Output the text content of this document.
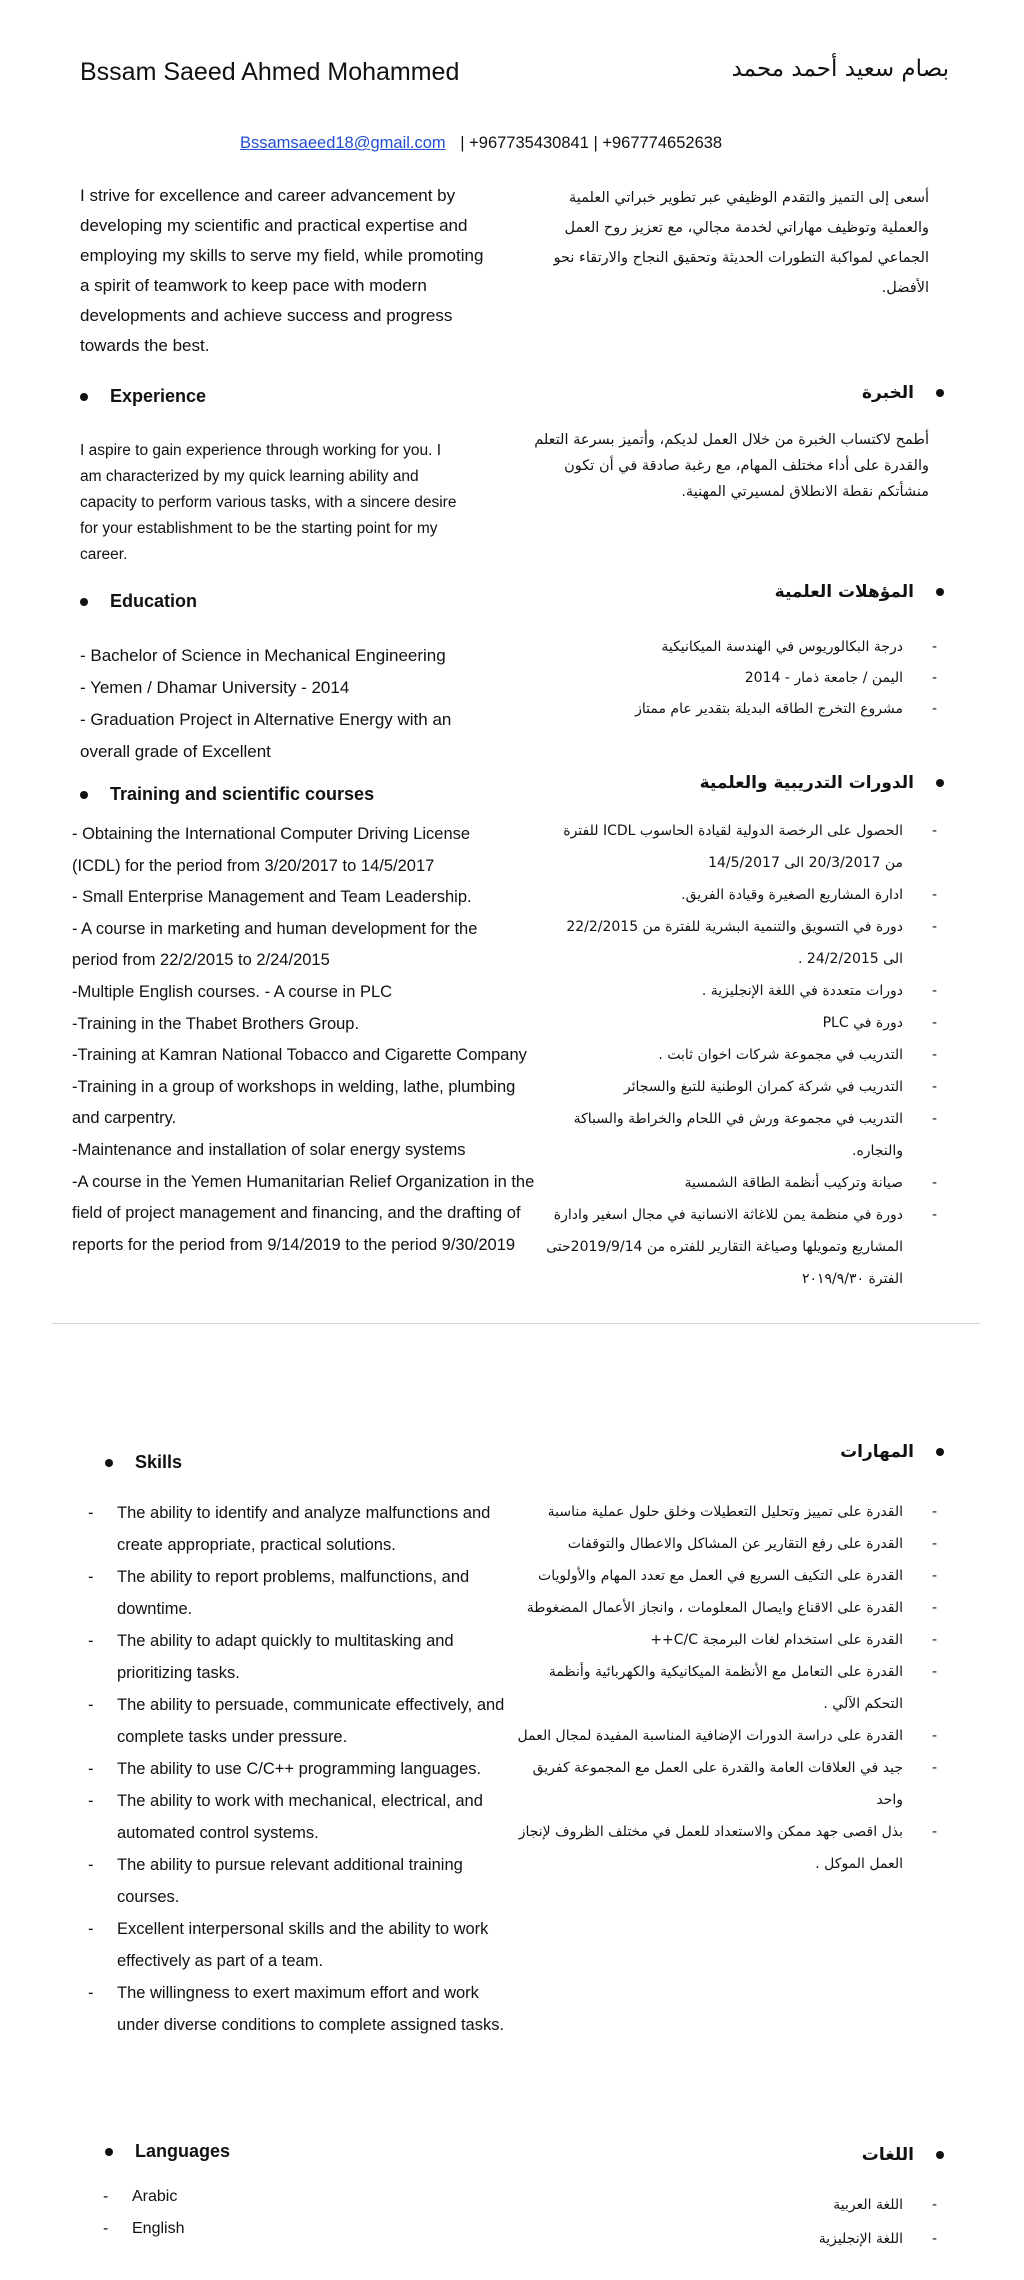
Bssam Saeed Ahmed Mohammed	بصام سعيد أحمد محمد
Bssamsaeed18@gmail.com | +967735430841 | +967774652638
I strive for excellence and career advancement by developing my scientific and practical expertise and employing my skills to serve my field, while promoting a spirit of teamwork to keep pace with modern developments and achieve success and progress towards the best.
أسعى إلى التميز والتقدم الوظيفي عبر تطوير خبراتي العلمية والعملية وتوظيف مهاراتي لخدمة مجالي، مع تعزيز روح العمل الجماعي لمواكبة التطورات الحديثة وتحقيق النجاح والارتقاء نحو الأفضل.
Experience	الخبرة
I aspire to gain experience through working for you. I am characterized by my quick learning ability and capacity to perform various tasks, with a sincere desire for your establishment to be the starting point for my career.
أطمح لاكتساب الخبرة من خلال العمل لديكم، وأتميز بسرعة التعلم والقدرة على أداء مختلف المهام، مع رغبة صادقة في أن تكون منشأتكم نقطة الانطلاق لمسيرتي المهنية.
Education	المؤهلات العلمية
- Bachelor of Science in Mechanical Engineering
- Yemen / Dhamar University - 2014
- Graduation Project in Alternative Energy with an
overall grade of Excellent
- درجة البكالوريوس في الهندسة الميكانيكية
- اليمن / جامعة ذمار - 2014
- مشروع التخرج الطاقه البديلة بتقدير عام ممتاز
Training and scientific courses
الدورات التدريبية والعلمية
- Obtaining the International Computer Driving License
(ICDL) for the period from 3/20/2017 to 14/5/2017
- Small Enterprise Management and Team Leadership.
- A course in marketing and human development for the
period from 22/2/2015 to 2/24/2015
-Multiple English courses. - A course in PLC
-Training in the Thabet Brothers Group.
-Training at Kamran National Tobacco and Cigarette Company
-Training in a group of workshops in welding, lathe, plumbing
and carpentry.
-Maintenance and installation of solar energy systems
-A course in the Yemen Humanitarian Relief Organization in the
field of project management and financing, and the drafting of
reports for the period from 9/14/2019 to the period 9/30/2019
- الحصول على الرخصة الدولية لقيادة الحاسوب ICDL للفترة من 20/3/2017 الى 14/5/2017
- ادارة المشاريع الصغيرة وقيادة الفريق.
- دورة في التسويق والتنمية البشرية للفترة من 22/2/2015 الى 24/2/2015 .
- دورات متعددة في اللغة الإنجليزية .
- دورة في PLC
- التدريب في مجموعة شركات اخوان ثابت .
- التدريب في شركة كمران الوطنية للتبغ والسجائر
- التدريب في مجموعة ورش في اللحام والخراطة والسباكة والنجاره.
- صيانة وتركيب أنظمة الطاقة الشمسية
- دورة في منظمة يمن للاغاثة الانسانية في مجال اسغير وادارة المشاريع وتمويلها وصياغة التقارير للفتره من 2019/9/14حتى الفترة ٢٠١٩/٩/٣٠
Skills	المهارات
- The ability to identify and analyze malfunctions and create appropriate, practical solutions.
- The ability to report problems, malfunctions, and downtime.
- The ability to adapt quickly to multitasking and prioritizing tasks.
- The ability to persuade, communicate effectively, and complete tasks under pressure.
- The ability to use C/C++ programming languages.
- The ability to work with mechanical, electrical, and automated control systems.
- The ability to pursue relevant additional training courses.
- Excellent interpersonal skills and the ability to work effectively as part of a team.
- The willingness to exert maximum effort and work under diverse conditions to complete assigned tasks.
- القدرة على تمييز وتحليل التعطيلات وخلق حلول عملية مناسبة
- القدرة على رفع التقارير عن المشاكل والاعطال والتوقفات
- القدرة على التكيف السريع في العمل مع تعدد المهام والأولويات
- القدرة على الاقناع وايصال المعلومات ، وانجاز الأعمال المضغوطة
- القدرة على استخدام لغات البرمجة C/C++
- القدرة على التعامل مع الأنظمة الميكانيكية والكهربائية وأنظمة التحكم الآلي .
- القدرة على دراسة الدورات الإضافية المناسبة المفيدة لمجال العمل
- جيد في العلاقات العامة والقدرة على العمل مع المجموعة كفريق واحد
- بذل اقصى جهد ممكن والاستعداد للعمل في مختلف الظروف لإنجاز العمل الموكل .
Languages	اللغات
- Arabic
- English
- اللغة العربية
- اللغة الإنجليزية
